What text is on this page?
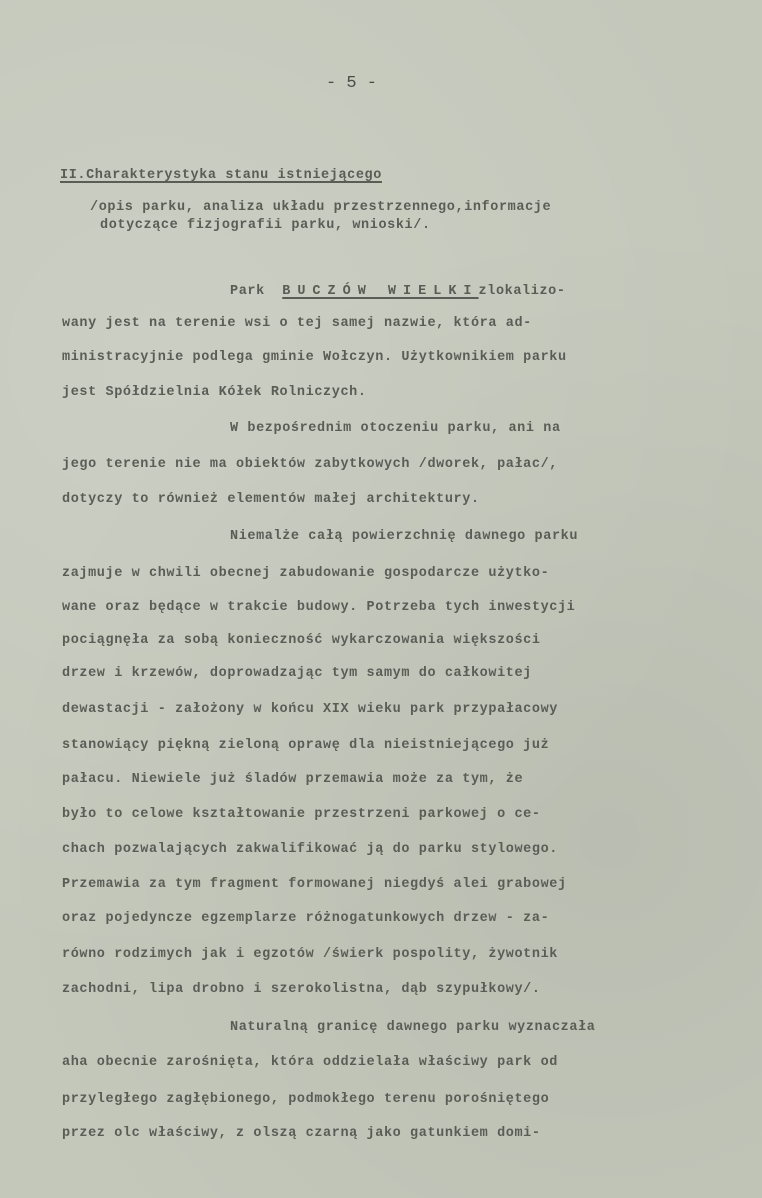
- 5 -
II.Charakterystyka stanu istniejącego
/opis parku, analiza układu przestrzennego,informacje
dotyczące fizjografii parku, wnioski/.
Park BUCZÓW WIELKIzlokalizo-
wany jest na terenie wsi o tej samej nazwie, która ad-
ministracyjnie podlega gminie Wołczyn. Użytkownikiem parku
jest Spółdzielnia Kółek Rolniczych.
W bezpośrednim otoczeniu parku, ani na
jego terenie nie ma obiektów zabytkowych /dworek, pałac/,
dotyczy to również elementów małej architektury.
Niemalże całą powierzchnię dawnego parku
zajmuje w chwili obecnej zabudowanie gospodarcze użytko-
wane oraz będące w trakcie budowy. Potrzeba tych inwestycji
pociągnęła za sobą konieczność wykarczowania większości
drzew i krzewów, doprowadzając tym samym do całkowitej
dewastacji - założony w końcu XIX wieku park przypałacowy
stanowiący piękną zieloną oprawę dla nieistniejącego już
pałacu. Niewiele już śladów przemawia może za tym, że
było to celowe kształtowanie przestrzeni parkowej o ce-
chach pozwalających zakwalifikować ją do parku stylowego.
Przemawia za tym fragment formowanej niegdyś alei grabowej
oraz pojedyncze egzemplarze różnogatunkowych drzew - za-
równo rodzimych jak i egzotów /świerk pospolity, żywotnik
zachodni, lipa drobno i szerokolistna, dąb szypułkowy/.
Naturalną granicę dawnego parku wyznaczała
aha obecnie zarośnięta, która oddzielała właściwy park od
przyległego zagłębionego, podmokłego terenu porośniętego
przez olc właściwy, z olszą czarną jako gatunkiem domi-
